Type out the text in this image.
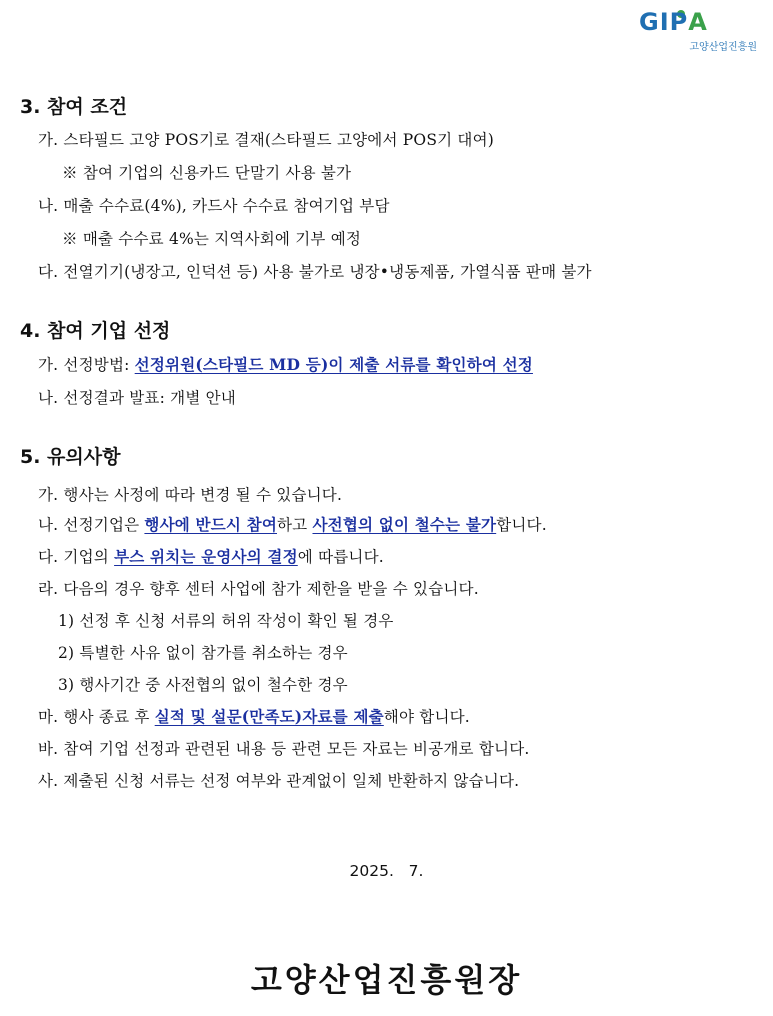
G I P A
고양산업진흥원
3. 참여 조건
가. 스타필드 고양 POS기로 결재(스타필드 고양에서 POS기 대여)
※ 참여 기업의 신용카드 단말기 사용 불가
나. 매출 수수료(4%), 카드사 수수료 참여기업 부담
※ 매출 수수료 4%는 지역사회에 기부 예정
다. 전열기기(냉장고, 인덕션 등) 사용 불가로 냉장•냉동제품, 가열식품 판매 불가
4. 참여 기업 선정
가. 선정방법: 선정위원(스타필드 MD 등)이 제출 서류를 확인하여 선정
나. 선정결과 발표: 개별 안내
5. 유의사항
가. 행사는 사정에 따라 변경 될 수 있습니다.
나. 선정기업은 행사에 반드시 참여하고 사전협의 없이 철수는 불가합니다.
다. 기업의 부스 위치는 운영사의 결정에 따릅니다.
라. 다음의 경우 향후 센터 사업에 참가 제한을 받을 수 있습니다.
1) 선정 후 신청 서류의 허위 작성이 확인 될 경우
2) 특별한 사유 없이 참가를 취소하는 경우
3) 행사기간 중 사전협의 없이 철수한 경우
마. 행사 종료 후 실적 및 설문(만족도)자료를 제출해야 합니다.
바. 참여 기업 선정과 관련된 내용 등 관련 모든 자료는 비공개로 합니다.
사. 제출된 신청 서류는 선정 여부와 관계없이 일체 반환하지 않습니다.
2025.   7.
고양산업진흥원장
